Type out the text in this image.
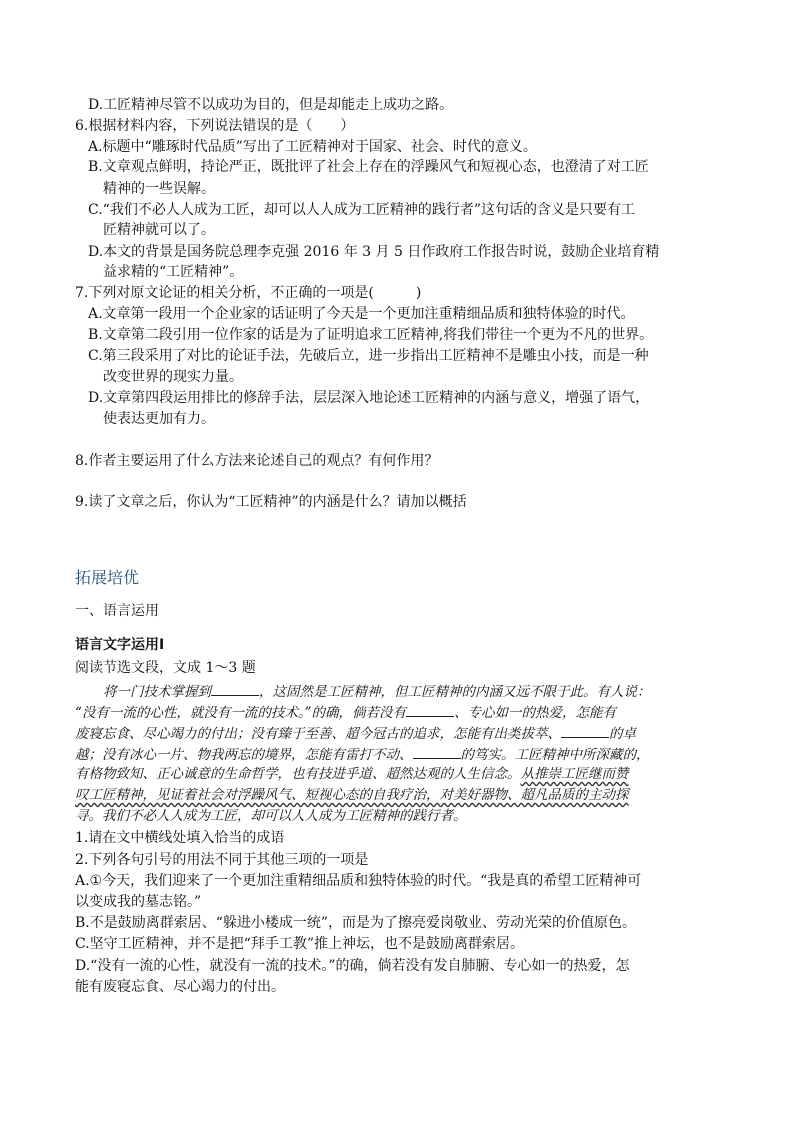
D.工匠精神尽管不以成功为目的，但是却能走上成功之路。
6.根据材料内容，下列说法错误的是（　　）
A.标题中“雕琢时代品质”写出了工匠精神对于国家、社会、时代的意义。
B.文章观点鲜明，持论严正，既批评了社会上存在的浮躁风气和短视心态，也澄清了对工匠
精神的一些误解。
C.“我们不必人人成为工匠，却可以人人成为工匠精神的践行者”这句话的含义是只要有工
匠精神就可以了。
D.本文的背景是国务院总理李克强 2016 年 3 月 5 日作政府工作报告时说，鼓励企业培育精
益求精的“工匠精神”。
7.下列对原文论证的相关分析，不正确的一项是(　　　)
A.文章第一段用一个企业家的话证明了今天是一个更加注重精细品质和独特体验的时代。
B.文章第二段引用一位作家的话是为了证明追求工匠精神,将我们带往一个更为不凡的世界。
C.第三段采用了对比的论证手法，先破后立，进一步指出工匠精神不是雕虫小技，而是一种
改变世界的现实力量。
D.文章第四段运用排比的修辞手法，层层深入地论述工匠精神的内涵与意义，增强了语气，
使表达更加有力。
8.作者主要运用了什么方法来论述自己的观点？有何作用？
9.读了文章之后，你认为“工匠精神”的内涵是什么？请加以概括
拓展培优
一、语言运用
语言文字运用Ⅰ
阅读节选文段，文成 1～3 题
将一门技术掌握到	，这固然是工匠精神，但工匠精神的内涵又远不限于此。有人说：
“没有一流的心性，就没有一流的技术。”的确，倘若没有	、专心如一的热爱，怎能有
废寝忘食、尽心竭力的付出；没有臻于至善、超今冠古的追求，怎能有出类拔萃、	的卓
越；没有冰心一片、物我两忘的境界，怎能有雷打不动、	的笃实。工匠精神中所深藏的，
有格物致知、正心诚意的生命哲学，也有技进乎道、超然达观的人生信念。从推崇工匠继而赞
叹工匠精神，见证着社会对浮躁风气、短视心态的自我疗治，对美好器物、超凡品质的主动探
寻。我们不必人人成为工匠，却可以人人成为工匠精神的践行者。
1.请在文中横线处填入恰当的成语
2.下列各句引号的用法不同于其他三项的一项是
A.①今天，我们迎来了一个更加注重精细品质和独特体验的时代。“我是真的希望工匠精神可
以变成我的墓志铭。”
B.不是鼓励离群索居、“躲进小楼成一统”，而是为了擦亮爱岗敬业、劳动光荣的价值原色。
C.坚守工匠精神，并不是把“拜手工教”推上神坛，也不是鼓励离群索居。
D.“没有一流的心性，就没有一流的技术。”的确，倘若没有发自肺腑、专心如一的热爱，怎
能有废寝忘食、尽心竭力的付出。
